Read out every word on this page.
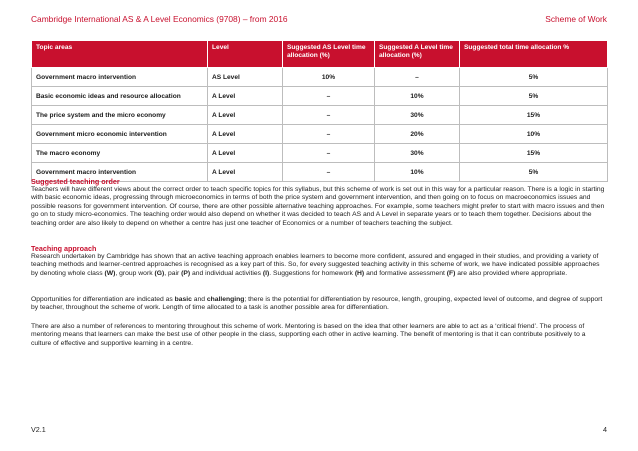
Cambridge International AS & A Level Economics (9708) – from 2016	Scheme of Work
Topic areas	Level	Suggested AS Level time allocation (%)	Suggested A Level time allocation (%)	Suggested total time allocation %
Government macro intervention	AS Level	10%	–	5%
Basic economic ideas and resource allocation	A Level	–	10%	5%
The price system and the micro economy	A Level	–	30%	15%
Government micro economic intervention	A Level	–	20%	10%
The macro economy	A Level	–	30%	15%
Government macro intervention	A Level	–	10%	5%
Suggested teaching order

Teachers will have different views about the correct order to teach specific topics for this syllabus, but this scheme of work is set out in this way for a particular reason. There is a logic in starting with basic economic ideas, progressing through microeconomics in terms of both the price system and government intervention, and then going on to focus on macroeconomics issues and possible reasons for government intervention. Of course, there are other possible alternative teaching approaches. For example, some teachers might prefer to start with macro issues and then go on to study micro-economics. The teaching order would also depend on whether it was decided to teach AS and A Level in separate years or to teach them together. Decisions about the teaching order are also likely to depend on whether a centre has just one teacher of Economics or a number of teachers teaching the subject.

Teaching approach

Research undertaken by Cambridge has shown that an active teaching approach enables learners to become more confident, assured and engaged in their studies, and providing a variety of teaching methods and learner-centred approaches is recognised as a key part of this. So, for every suggested teaching activity in this scheme of work, we have indicated possible approaches by denoting whole class (W), group work (G), pair (P) and individual activities (I). Suggestions for homework (H) and formative assessment (F) are also provided where appropriate.

Opportunities for differentiation are indicated as basic and challenging; there is the potential for differentiation by resource, length, grouping, expected level of outcome, and degree of support by teacher, throughout the scheme of work. Length of time allocated to a task is another possible area for differentiation.

There are also a number of references to mentoring throughout this scheme of work. Mentoring is based on the idea that other learners are able to act as a ‘critical friend’. The process of mentoring means that learners can make the best use of other people in the class, supporting each other in active learning. The benefit of mentoring is that it can contribute positively to a culture of effective and supportive learning in a centre.

V2.1	4
